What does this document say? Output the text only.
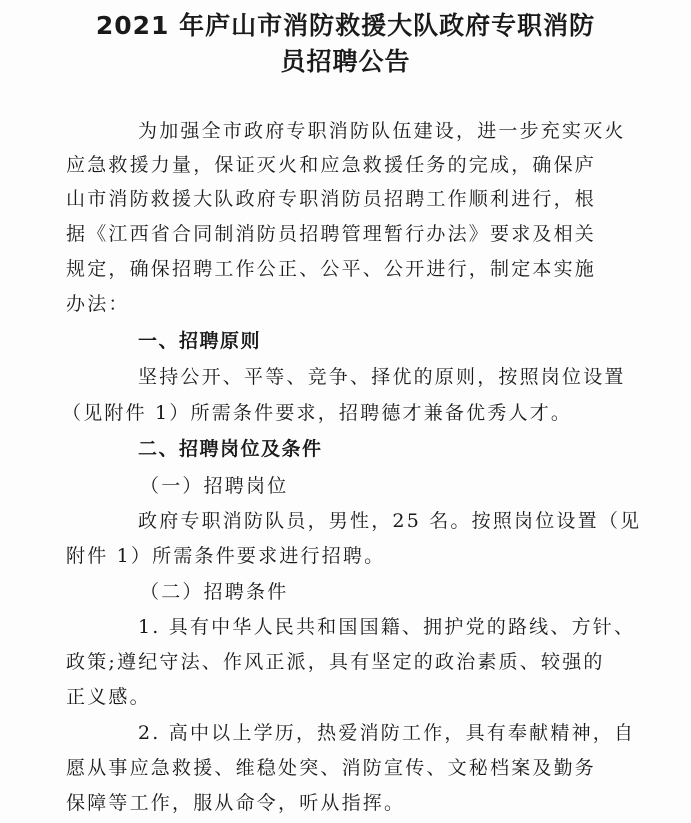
2021 年庐山市消防救援大队政府专职消防
员招聘公告

为加强全市政府专职消防队伍建设，进一步充实灭火

应急救援力量，保证灭火和应急救援任务的完成，确保庐

山市消防救援大队政府专职消防员招聘工作顺利进行，根

据《江西省合同制消防员招聘管理暂行办法》要求及相关

规定，确保招聘工作公正、公平、公开进行，制定本实施

办法：

一、招聘原则

坚持公开、平等、竞争、择优的原则，按照岗位设置

（见附件 1）所需条件要求，招聘德才兼备优秀人才。

二、招聘岗位及条件

（一）招聘岗位

政府专职消防队员，男性，25 名。按照岗位设置（见

附件 1）所需条件要求进行招聘。

（二）招聘条件

1. 具有中华人民共和国国籍、拥护党的路线、方针、

政策;遵纪守法、作风正派，具有坚定的政治素质、较强的

正义感。

2. 高中以上学历，热爱消防工作，具有奉献精神，自

愿从事应急救援、维稳处突、消防宣传、文秘档案及勤务

保障等工作，服从命令，听从指挥。
